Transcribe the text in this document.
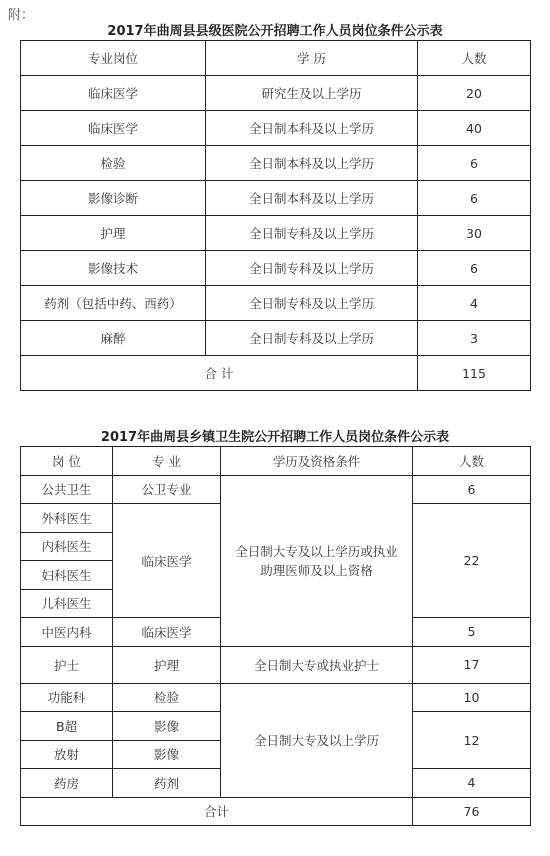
附：
2017年曲周县县级医院公开招聘工作人员岗位条件公示表
专业岗位	学 历	人数
临床医学	研究生及以上学历	20
临床医学	全日制本科及以上学历	40
检验	全日制本科及以上学历	6
影像诊断	全日制本科及以上学历	6
护理	全日制专科及以上学历	30
影像技术	全日制专科及以上学历	6
药剂（包括中药、西药）	全日制专科及以上学历	4
麻醉	全日制专科及以上学历	3
合 计		115
2017年曲周县乡镇卫生院公开招聘工作人员岗位条件公示表
岗 位	专 业	学历及资格条件	人数
公共卫生	公卫专业	全日制大专及以上学历或执业助理医师及以上资格	6
外科医生	临床医学		22
内科医生			
妇科医生			
儿科医生			
中医内科	临床医学		5
护士	护理	全日制大专或执业护士	17
功能科	检验	全日制大专及以上学历	10
B超	影像		12
放射	影像		
药房	药剂		4
合计			76
